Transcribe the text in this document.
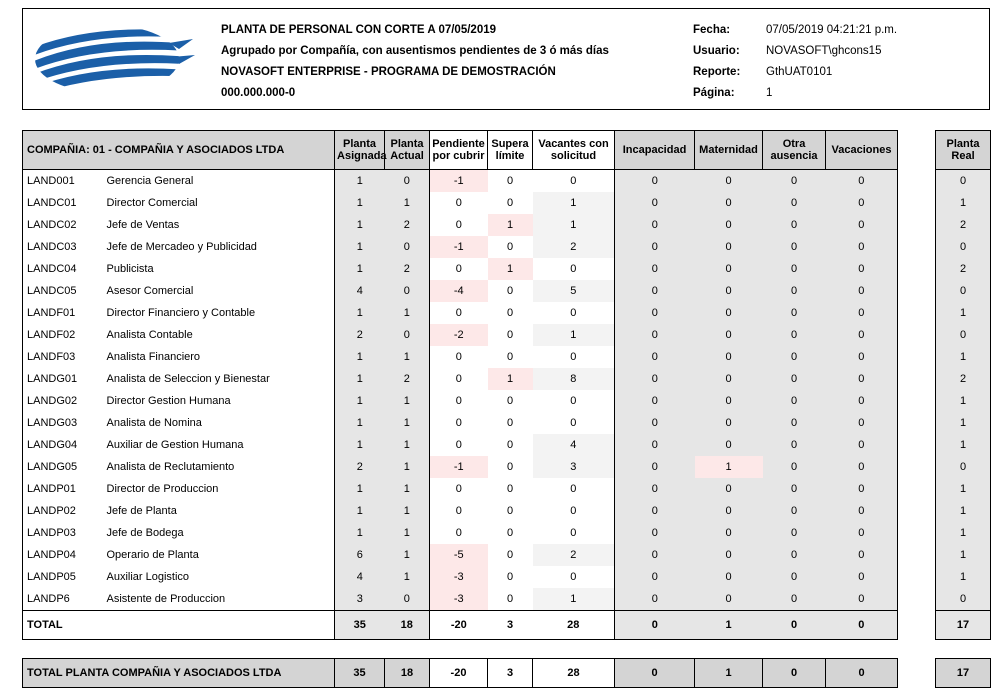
PLANTA DE PERSONAL CON CORTE A 07/05/2019
Agrupado por Compañía, con ausentismos pendientes de 3 ó más días
NOVASOFT ENTERPRISE - PROGRAMA DE DEMOSTRACIÓN
000.000.000-0
Fecha:	07/05/2019 04:21:21 p.m.
Usuario:	NOVASOFT\ghcons15
Reporte:	GthUAT0101
Página:	1
COMPAÑIA: 01 - COMPAÑIA Y ASOCIADOS LTDA		Planta Asignada	Planta Actual	Pendiente por cubrir	Supera límite	Vacantes con solicitud	Incapacidad	Maternidad	Otra ausencia	Vacaciones		Planta Real
LAND001	Gerencia General	1	0	-1	0	0	0	0	0	0		0
LANDC01	Director Comercial	1	1	0	0	1	0	0	0	0		1
LANDC02	Jefe de Ventas	1	2	0	1	1	0	0	0	0		2
LANDC03	Jefe de Mercadeo y Publicidad	1	0	-1	0	2	0	0	0	0		0
LANDC04	Publicista	1	2	0	1	0	0	0	0	0		2
LANDC05	Asesor Comercial	4	0	-4	0	5	0	0	0	0		0
LANDF01	Director Financiero y Contable	1	1	0	0	0	0	0	0	0		1
LANDF02	Analista Contable	2	0	-2	0	1	0	0	0	0		0
LANDF03	Analista Financiero	1	1	0	0	0	0	0	0	0		1
LANDG01	Analista de Seleccion y Bienestar	1	2	0	1	8	0	0	0	0		2
LANDG02	Director Gestion Humana	1	1	0	0	0	0	0	0	0		1
LANDG03	Analista de Nomina	1	1	0	0	0	0	0	0	0		1
LANDG04	Auxiliar de Gestion Humana	1	1	0	0	4	0	0	0	0		1
LANDG05	Analista de Reclutamiento	2	1	-1	0	3	0	1	0	0		0
LANDP01	Director de Produccion	1	1	0	0	0	0	0	0	0		1
LANDP02	Jefe de Planta	1	1	0	0	0	0	0	0	0		1
LANDP03	Jefe de Bodega	1	1	0	0	0	0	0	0	0		1
LANDP04	Operario de Planta	6	1	-5	0	2	0	0	0	0		1
LANDP05	Auxiliar Logistico	4	1	-3	0	0	0	0	0	0		1
LANDP6	Asistente de Produccion	3	0	-3	0	1	0	0	0	0		0
TOTAL		35	18	-20	3	28	0	1	0	0		17
TOTAL PLANTA COMPAÑIA Y ASOCIADOS LTDA	35	18	-20	3	28	0	1	0	0		17
